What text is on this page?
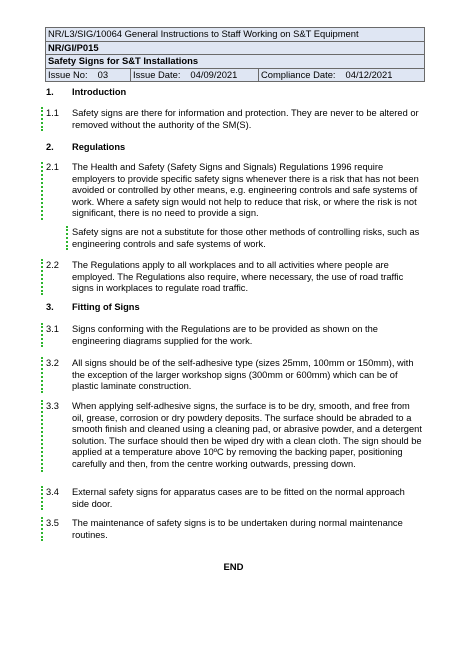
NR/L3/SIG/10064 General Instructions to Staff Working on S&T Equipment
NR/GI/P015
Safety Signs for S&T Installations
Issue No: 03	Issue Date: 04/09/2021	Compliance Date: 04/12/2021
1. Introduction
1.1 Safety signs are there for information and protection. They are never to be altered or removed without the authority of the SM(S).
2. Regulations
2.1 The Health and Safety (Safety Signs and Signals) Regulations 1996 require employers to provide specific safety signs whenever there is a risk that has not been avoided or controlled by other means, e.g. engineering controls and safe systems of work. Where a safety sign would not help to reduce that risk, or where the risk is not significant, there is no need to provide a sign.
Safety signs are not a substitute for those other methods of controlling risks, such as engineering controls and safe systems of work.
2.2 The Regulations apply to all workplaces and to all activities where people are employed. The Regulations also require, where necessary, the use of road traffic signs in workplaces to regulate road traffic.
3. Fitting of Signs
3.1 Signs conforming with the Regulations are to be provided as shown on the engineering diagrams supplied for the work.
3.2 All signs should be of the self-adhesive type (sizes 25mm, 100mm or 150mm), with the exception of the larger workshop signs (300mm or 600mm) which can be of plastic laminate construction.
3.3 When applying self-adhesive signs, the surface is to be dry, smooth, and free from oil, grease, corrosion or dry powdery deposits. The surface should be abraded to a smooth finish and cleaned using a cleaning pad, or abrasive powder, and a detergent solution. The surface should then be wiped dry with a clean cloth. The sign should be applied at a temperature above 10ºC by removing the backing paper, positioning carefully and then, from the centre working outwards, pressing down.
3.4 External safety signs for apparatus cases are to be fitted on the normal approach side door.
3.5 The maintenance of safety signs is to be undertaken during normal maintenance routines.
END
